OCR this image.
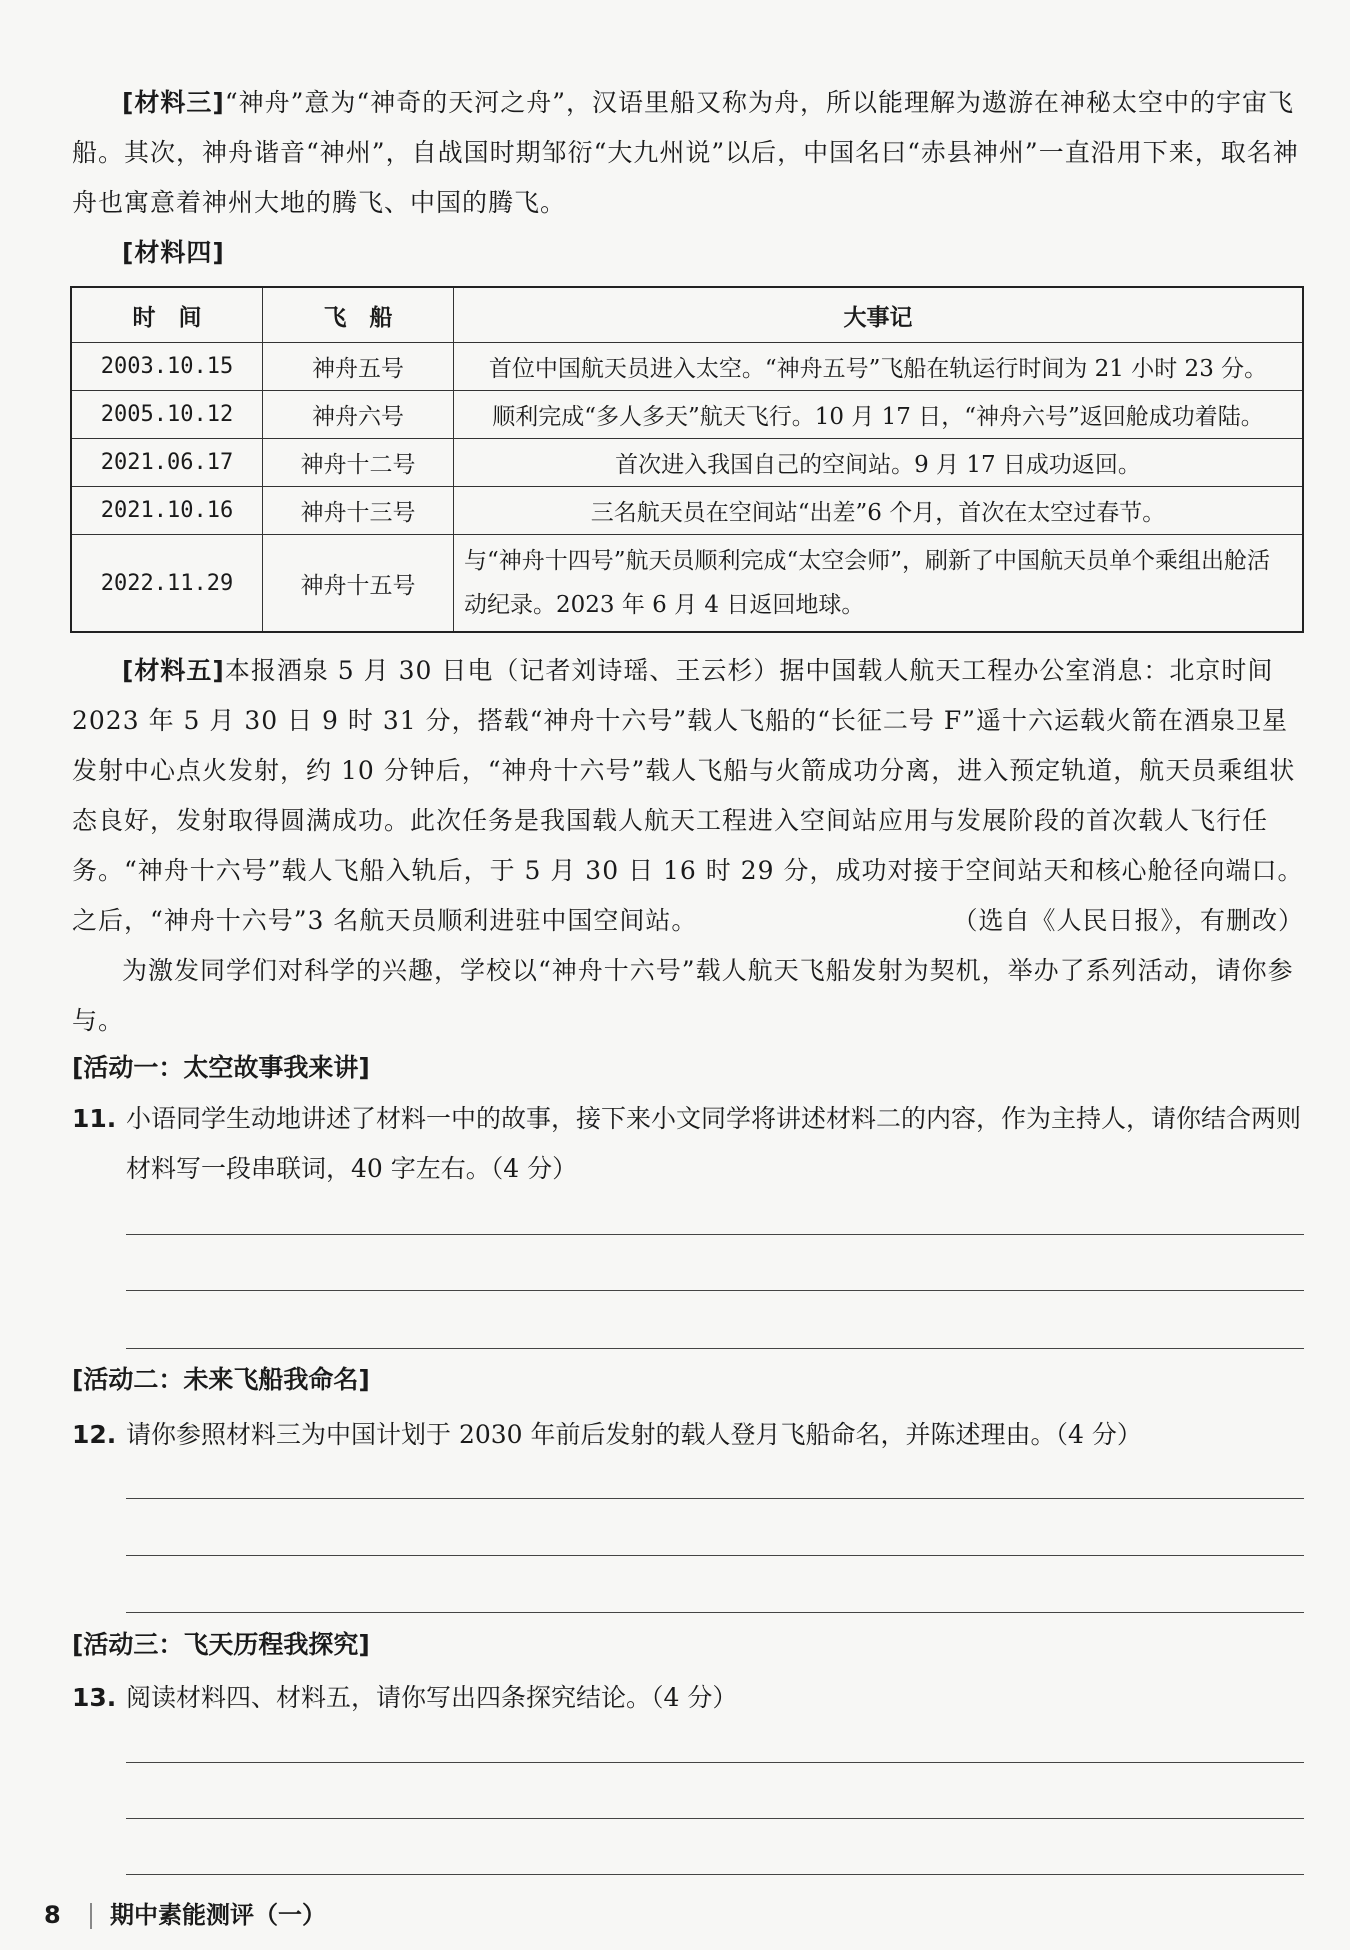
[材料三]“神舟”意为“神奇的天河之舟”，汉语里船又称为舟，所以能理解为遨游在神秘太空中的宇宙飞船。其次，神舟谐音“神州”，自战国时期邹衍“大九州说”以后，中国名曰“赤县神州”一直沿用下来，取名神舟也寓意着神州大地的腾飞、中国的腾飞。

[材料四]

时　间	飞　船	大事记
2003.10.15	神舟五号	首位中国航天员进入太空。“神舟五号”飞船在轨运行时间为 21 小时 23 分。
2005.10.12	神舟六号	顺利完成“多人多天”航天飞行。10 月 17 日，“神舟六号”返回舱成功着陆。
2021.06.17	神舟十二号	首次进入我国自己的空间站。9 月 17 日成功返回。
2021.10.16	神舟十三号	三名航天员在空间站“出差”6 个月，首次在太空过春节。
2022.11.29	神舟十五号	与“神舟十四号”航天员顺利完成“太空会师”，刷新了中国航天员单个乘组出舱活动纪录。2023 年 6 月 4 日返回地球。

[材料五]本报酒泉 5 月 30 日电（记者刘诗瑶、王云杉）据中国载人航天工程办公室消息：北京时间 2023 年 5 月 30 日 9 时 31 分，搭载“神舟十六号”载人飞船的“长征二号 F”遥十六运载火箭在酒泉卫星发射中心点火发射，约 10 分钟后，“神舟十六号”载人飞船与火箭成功分离，进入预定轨道，航天员乘组状态良好，发射取得圆满成功。此次任务是我国载人航天工程进入空间站应用与发展阶段的首次载人飞行任务。“神舟十六号”载人飞船入轨后，于 5 月 30 日 16 时 29 分，成功对接于空间站天和核心舱径向端口。之后，“神舟十六号”3 名航天员顺利进驻中国空间站。	（选自《人民日报》，有删改）

为激发同学们对科学的兴趣，学校以“神舟十六号”载人航天飞船发射为契机，举办了系列活动，请你参与。

[活动一：太空故事我来讲]
11. 小语同学生动地讲述了材料一中的故事，接下来小文同学将讲述材料二的内容，作为主持人，请你结合两则材料写一段串联词，40 字左右。（4 分）
[活动二：未来飞船我命名]
12. 请你参照材料三为中国计划于 2030 年前后发射的载人登月飞船命名，并陈述理由。（4 分）
[活动三：飞天历程我探究]
13. 阅读材料四、材料五，请你写出四条探究结论。（4 分）
8 期中素能测评（一）
